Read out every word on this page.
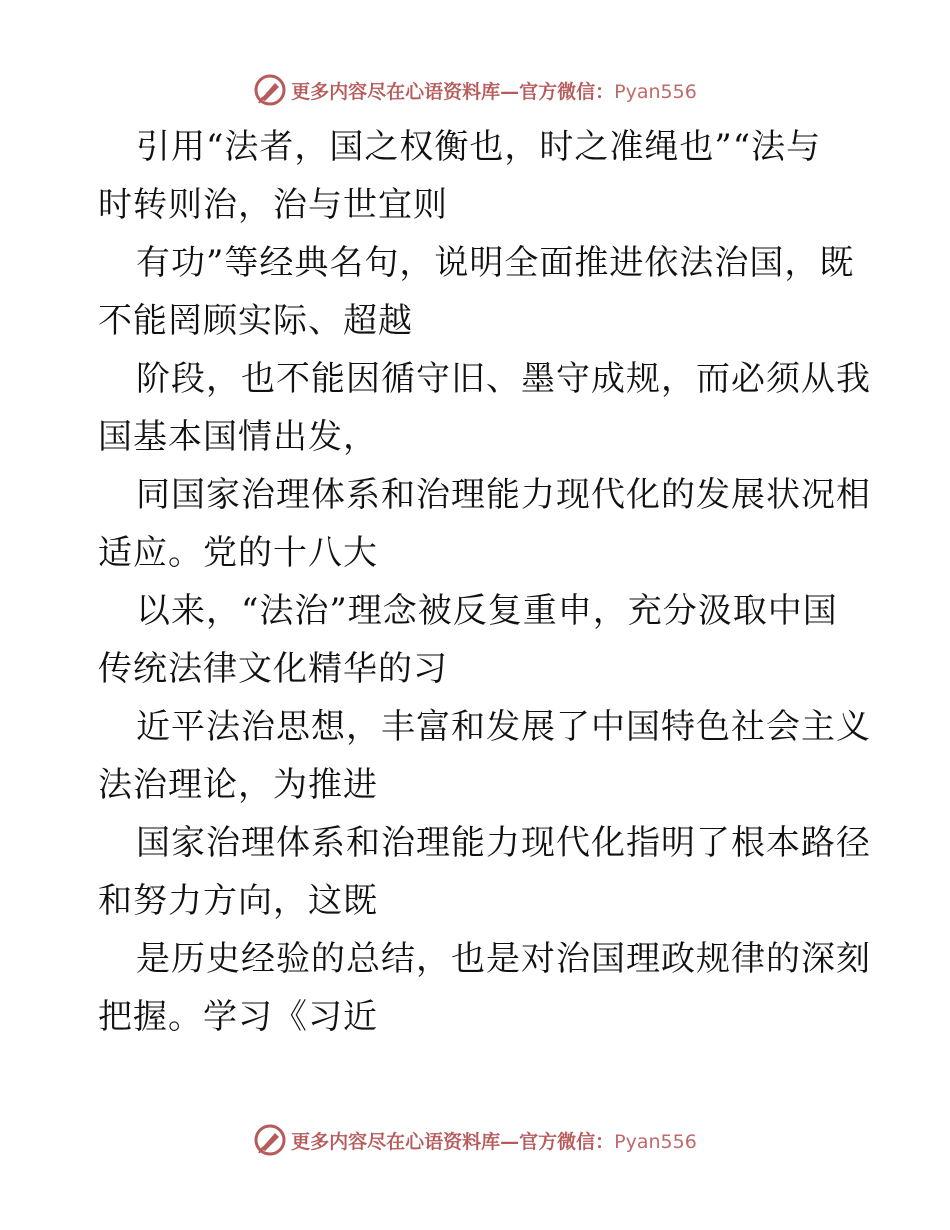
更多内容尽在心语资料库—官方微信：Pyan556
引用“法者，国之权衡也，时之准绳也”“法与
时转则治，治与世宜则
有功”等经典名句，说明全面推进依法治国，既
不能罔顾实际、超越
阶段，也不能因循守旧、墨守成规，而必须从我
国基本国情出发，
同国家治理体系和治理能力现代化的发展状况相
适应。党的十八大
以来，“法治”理念被反复重申，充分汲取中国
传统法律文化精华的习
近平法治思想，丰富和发展了中国特色社会主义
法治理论，为推进
国家治理体系和治理能力现代化指明了根本路径
和努力方向，这既
是历史经验的总结，也是对治国理政规律的深刻
把握。学习《习近
更多内容尽在心语资料库—官方微信：Pyan556
